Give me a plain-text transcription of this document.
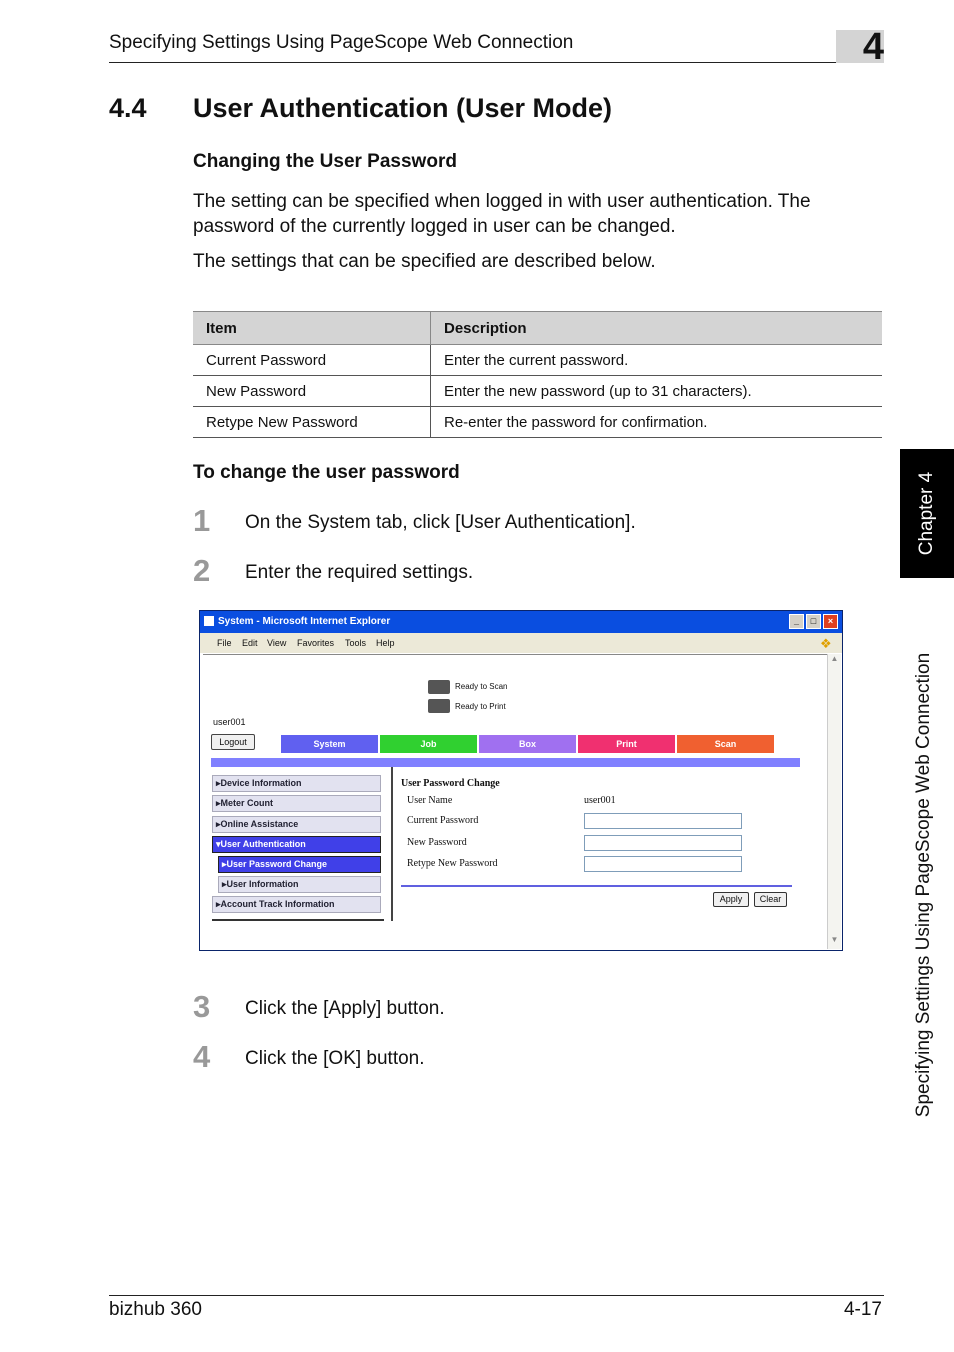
Specifying Settings Using PageScope Web Connection	4
4.4 User Authentication (User Mode)
Changing the User Password
The setting can be specified when logged in with user authentication. The password of the currently logged in user can be changed.
The settings that can be specified are described below.
Item	Description
Current Password	Enter the current password.
New Password	Enter the new password (up to 31 characters).
Retype New Password	Re-enter the password for confirmation.
To change the user password
1 On the System tab, click [User Authentication].
2 Enter the required settings.
System - Microsoft Internet Explorer	_	□	×
File Edit View Favorites Tools Help	❖
Ready to Scan
Ready to Print
user001
Logout	System	Job	Box	Print	Scan
▸Device Information
▸Meter Count
▸Online Assistance
▾User Authentication
▸User Password Change
▸User Information
▸Account Track Information
User Password Change
User Name	user001
Current Password
New Password
Retype New Password
Apply	Clear
▲
▼
3 Click the [Apply] button.
4 Click the [OK] button.
Chapter 4
Specifying Settings Using PageScope Web Connection
bizhub 360	4-17
